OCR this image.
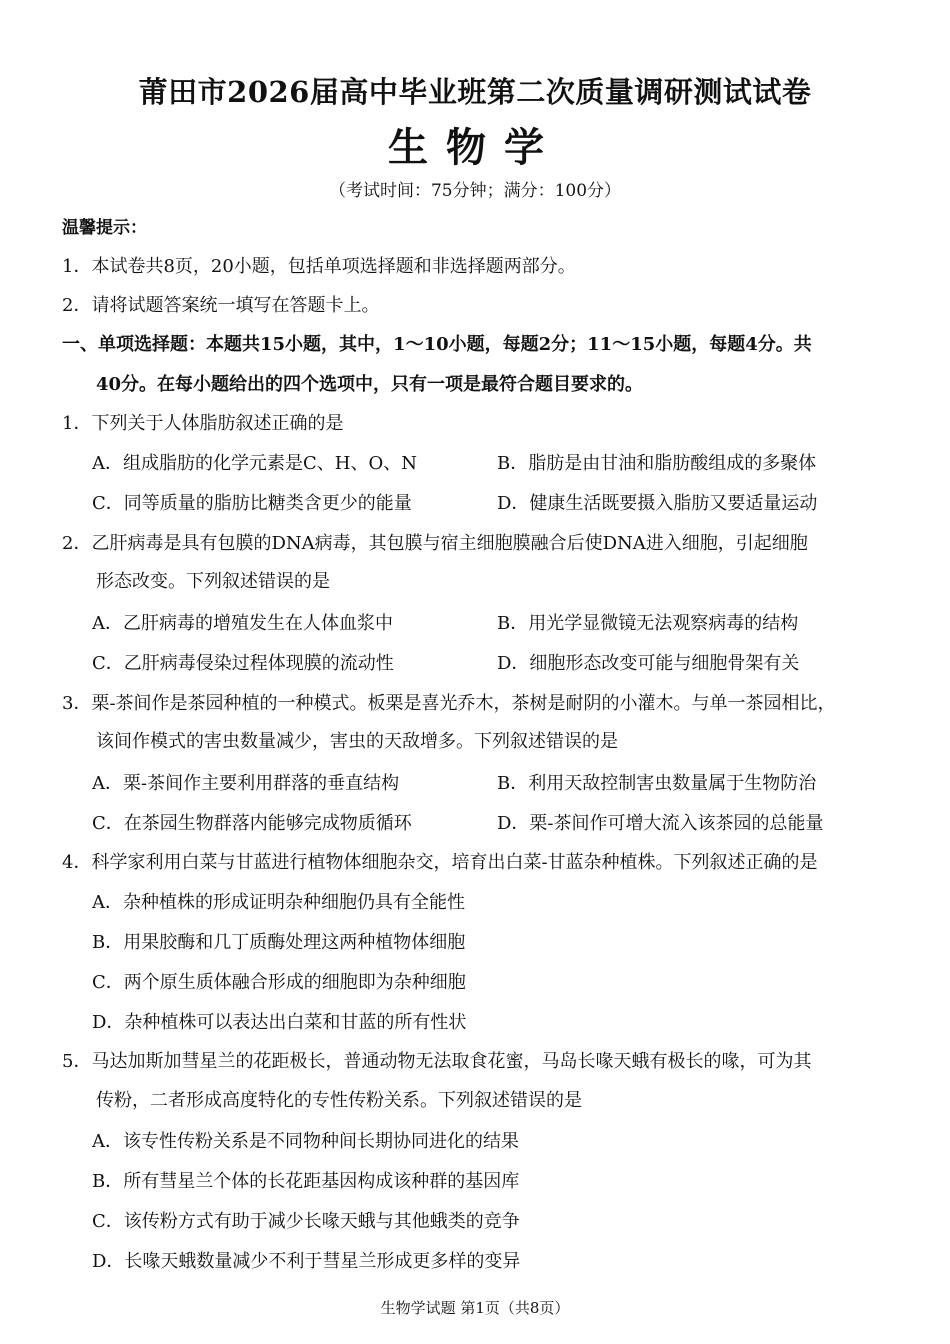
莆田市2026届高中毕业班第二次质量调研测试试卷
生物学
（考试时间：75分钟；满分：100分）
温馨提示：
1．本试卷共8页，20小题，包括单项选择题和非选择题两部分。
2．请将试题答案统一填写在答题卡上。
一、单项选择题：本题共15小题，其中，1～10小题，每题2分；11～15小题，每题4分。共
40分。在每小题给出的四个选项中，只有一项是最符合题目要求的。
1．下列关于人体脂肪叙述正确的是
A．组成脂肪的化学元素是C、H、O、N	B．脂肪是由甘油和脂肪酸组成的多聚体
C．同等质量的脂肪比糖类含更少的能量	D．健康生活既要摄入脂肪又要适量运动
2．乙肝病毒是具有包膜的DNA病毒，其包膜与宿主细胞膜融合后使DNA进入细胞，引起细胞
形态改变。下列叙述错误的是
A．乙肝病毒的增殖发生在人体血浆中	B．用光学显微镜无法观察病毒的结构
C．乙肝病毒侵染过程体现膜的流动性	D．细胞形态改变可能与细胞骨架有关
3．栗-茶间作是茶园种植的一种模式。板栗是喜光乔木，茶树是耐阴的小灌木。与单一茶园相比，
该间作模式的害虫数量减少，害虫的天敌增多。下列叙述错误的是
A．栗-茶间作主要利用群落的垂直结构	B．利用天敌控制害虫数量属于生物防治
C．在茶园生物群落内能够完成物质循环	D．栗-茶间作可增大流入该茶园的总能量
4．科学家利用白菜与甘蓝进行植物体细胞杂交，培育出白菜-甘蓝杂种植株。下列叙述正确的是
A．杂种植株的形成证明杂种细胞仍具有全能性
B．用果胶酶和几丁质酶处理这两种植物体细胞
C．两个原生质体融合形成的细胞即为杂种细胞
D．杂种植株可以表达出白菜和甘蓝的所有性状
5．马达加斯加彗星兰的花距极长，普通动物无法取食花蜜，马岛长喙天蛾有极长的喙，可为其
传粉，二者形成高度特化的专性传粉关系。下列叙述错误的是
A．该专性传粉关系是不同物种间长期协同进化的结果
B．所有彗星兰个体的长花距基因构成该种群的基因库
C．该传粉方式有助于减少长喙天蛾与其他蛾类的竞争
D．长喙天蛾数量减少不利于彗星兰形成更多样的变异
生物学试题 第1页（共8页）
